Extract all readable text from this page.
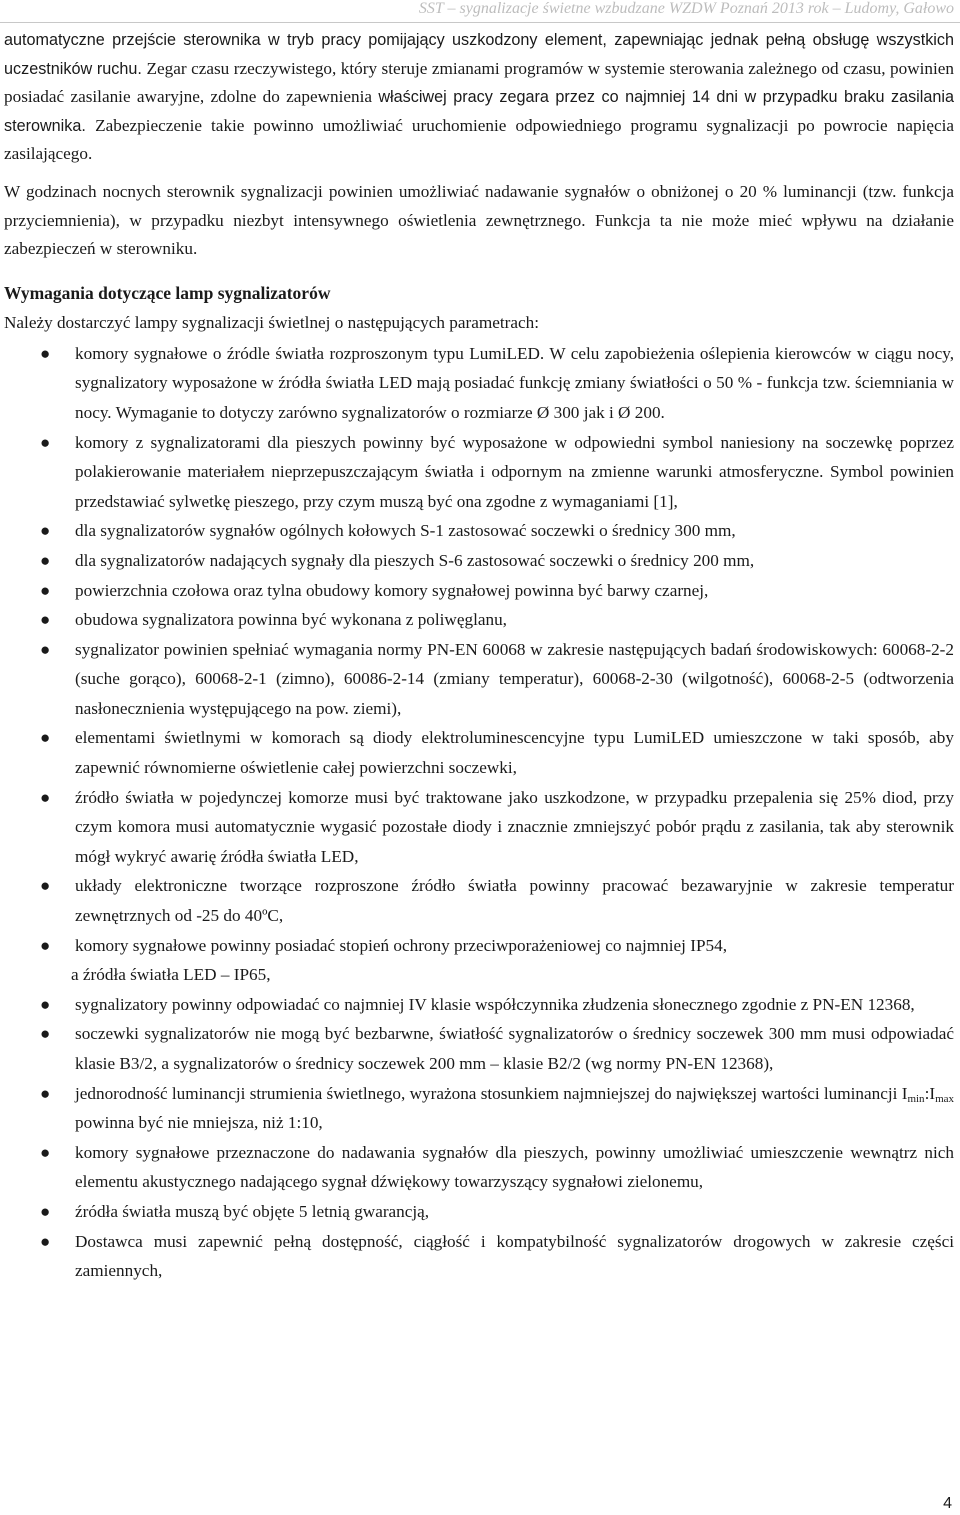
SST – sygnalizacje świetne wzbudzane WZDW Poznań 2013 rok – Ludomy, Gałowo

automatyczne przejście sterownika w tryb pracy pomijający uszkodzony element, zapewniając jednak pełną obsługę wszystkich uczestników ruchu. Zegar czasu rzeczywistego, który steruje zmianami programów w systemie sterowania zależnego od czasu, powinien posiadać zasilanie awaryjne, zdolne do zapewnienia właściwej pracy zegara przez co najmniej 14 dni w przypadku braku zasilania sterownika. Zabezpieczenie takie powinno umożliwiać uruchomienie odpowiedniego programu sygnalizacji po powrocie napięcia zasilającego.

W godzinach nocnych sterownik sygnalizacji powinien umożliwiać nadawanie sygnałów o obniżonej o 20 % luminancji (tzw. funkcja przyciemnienia), w przypadku niezbyt intensywnego oświetlenia zewnętrznego. Funkcja ta nie może mieć wpływu na działanie zabezpieczeń w sterowniku.

Wymagania dotyczące lamp sygnalizatorów

Należy dostarczyć lampy sygnalizacji świetlnej o następujących parametrach:

● komory sygnałowe o źródle światła rozproszonym typu LumiLED. W celu zapobieżenia oślepienia kierowców w ciągu nocy, sygnalizatory wyposażone w źródła światła LED mają posiadać funkcję zmiany światłości o 50 % - funkcja tzw. ściemniania w nocy. Wymaganie to dotyczy zarówno sygnalizatorów o rozmiarze Ø 300 jak i Ø 200.
● komory z sygnalizatorami dla pieszych powinny być wyposażone w odpowiedni symbol naniesiony na soczewkę poprzez polakierowanie materiałem nieprzepuszczającym światła i odpornym na zmienne warunki atmosferyczne. Symbol powinien przedstawiać sylwetkę pieszego, przy czym muszą być ona zgodne z wymaganiami [1],
● dla sygnalizatorów sygnałów ogólnych kołowych S-1 zastosować soczewki o średnicy 300 mm,
● dla sygnalizatorów nadających sygnały dla pieszych S-6 zastosować soczewki o średnicy 200 mm,
● powierzchnia czołowa oraz tylna obudowy komory sygnałowej powinna być barwy czarnej,
● obudowa sygnalizatora powinna być wykonana z poliwęglanu,
● sygnalizator powinien spełniać wymagania normy PN-EN 60068 w zakresie następujących badań środowiskowych: 60068-2-2 (suche gorąco), 60068-2-1 (zimno), 60086-2-14 (zmiany temperatur), 60068-2-30 (wilgotność), 60068-2-5 (odtworzenia nasłonecznienia występującego na pow. ziemi),
● elementami świetlnymi w komorach są diody elektroluminescencyjne typu LumiLED umieszczone w taki sposób, aby zapewnić równomierne oświetlenie całej powierzchni soczewki,
● źródło światła w pojedynczej komorze musi być traktowane jako uszkodzone, w przypadku przepalenia się 25% diod, przy czym komora musi automatycznie wygasić pozostałe diody i znacznie zmniejszyć pobór prądu z zasilania, tak aby sterownik mógł wykryć awarię źródła światła LED,
● układy elektroniczne tworzące rozproszone źródło światła powinny pracować bezawaryjnie w zakresie temperatur zewnętrznych od -25 do 40ºC,
● komory sygnałowe powinny posiadać stopień ochrony przeciwporażeniowej co najmniej IP54,
a źródła światła LED – IP65,
● sygnalizatory powinny odpowiadać co najmniej IV klasie współczynnika złudzenia słonecznego zgodnie z PN-EN 12368,
● soczewki sygnalizatorów nie mogą być bezbarwne, światłość sygnalizatorów o średnicy soczewek 300 mm musi odpowiadać klasie B3/2, a sygnalizatorów o średnicy soczewek 200 mm – klasie B2/2 (wg normy PN-EN 12368),
● jednorodność luminancji strumienia świetlnego, wyrażona stosunkiem najmniejszej do największej wartości luminancji $I_{min}:I_{max}$ powinna być nie mniejsza, niż 1:10,
● komory sygnałowe przeznaczone do nadawania sygnałów dla pieszych, powinny umożliwiać umieszczenie wewnątrz nich elementu akustycznego nadającego sygnał dźwiękowy towarzyszący sygnałowi zielonemu,
● źródła światła muszą być objęte 5 letnią gwarancją,
● Dostawca musi zapewnić pełną dostępność, ciągłość i kompatybilność sygnalizatorów drogowych w zakresie części zamiennych,
4
